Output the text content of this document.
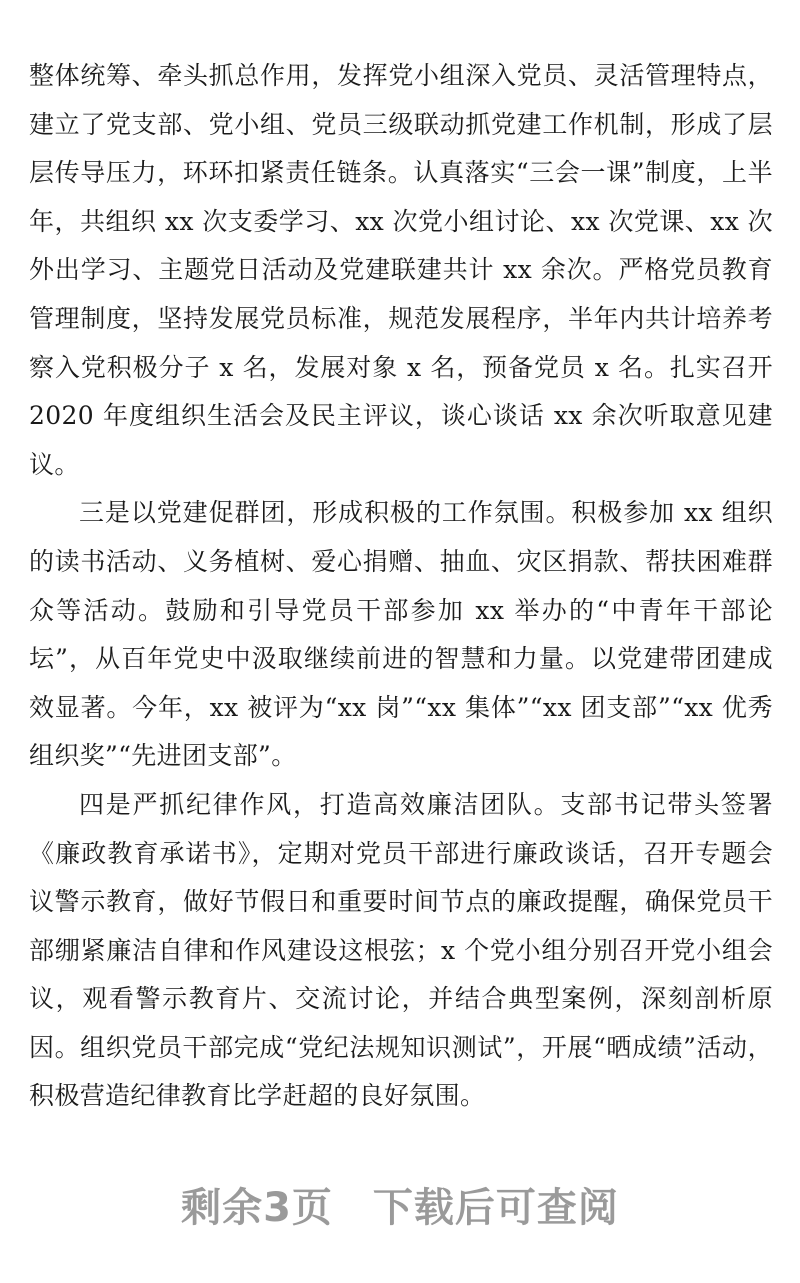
整体统筹、牵头抓总作用，发挥党小组深入党员、灵活管理特点，建立了党支部、党小组、党员三级联动抓党建工作机制，形成了层层传导压力，环环扣紧责任链条。认真落实“三会一课”制度，上半年，共组织 xx 次支委学习、xx 次党小组讨论、xx 次党课、xx 次外出学习、主题党日活动及党建联建共计 xx 余次。严格党员教育管理制度，坚持发展党员标准，规范发展程序，半年内共计培养考察入党积极分子 x 名，发展对象 x 名，预备党员 x 名。扎实召开 2020 年度组织生活会及民主评议，谈心谈话 xx 余次听取意见建议。

三是以党建促群团，形成积极的工作氛围。积极参加 xx 组织的读书活动、义务植树、爱心捐赠、抽血、灾区捐款、帮扶困难群众等活动。鼓励和引导党员干部参加 xx 举办的“中青年干部论坛”，从百年党史中汲取继续前进的智慧和力量。以党建带团建成效显著。今年，xx 被评为“xx 岗”“xx 集体”“xx 团支部”“xx 优秀组织奖”“先进团支部”。

四是严抓纪律作风，打造高效廉洁团队。支部书记带头签署《廉政教育承诺书》，定期对党员干部进行廉政谈话，召开专题会议警示教育，做好节假日和重要时间节点的廉政提醒，确保党员干部绷紧廉洁自律和作风建设这根弦；x 个党小组分别召开党小组会议，观看警示教育片、交流讨论，并结合典型案例，深刻剖析原因。组织党员干部完成“党纪法规知识测试”，开展“晒成绩”活动，积极营造纪律教育比学赶超的良好氛围。

剩余3页 下载后可查阅
